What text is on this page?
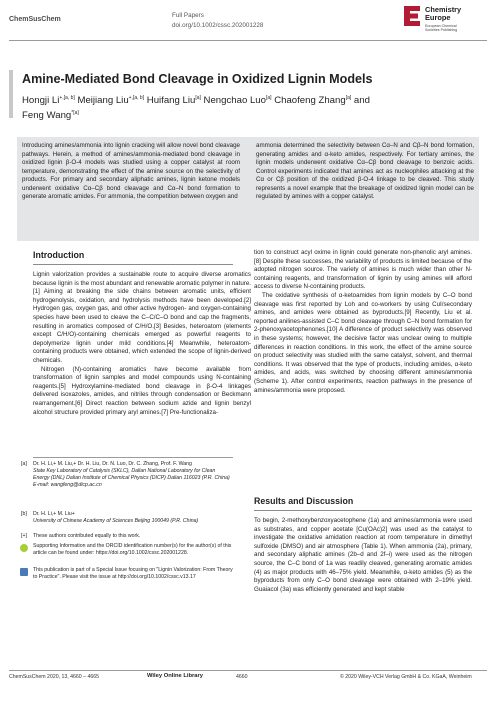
ChemSusChem
Full Papers
doi.org/10.1002/cssc.202001228
Chemistry
Europe
European Chemical
Societies Publishing
Amine-Mediated Bond Cleavage in Oxidized Lignin Models
Hongji $Li^{+,[a, b]}$ Meijiang Liu$^{+,[a, b]}$ Huifang Liu[a] Nengchao Luo[a] Chaofeng Zhang[a] and
Feng Wang$^{*[a]}$
Introducing amines/ammonia into lignin cracking will allow novel bond cleavage pathways. Herein, a method of amines/ammonia-mediated bond cleavage in oxidized lignin β-O-4 models was studied using a copper catalyst at room temperature, demonstrating the effect of the amine source on the selectivity of products. For primary and secondary aliphatic amines, lignin ketone models underwent oxidative Cα–Cβ bond cleavage and Cα–N bond formation to generate aromatic amides. For ammonia, the competition between oxygen and
ammonia determined the selectivity between Cα–N and Cβ–N bond formation, generating amides and α-keto amides, respectively. For tertiary amines, the lignin models underwent oxidative Cα–Cβ bond cleavage to benzoic acids. Control experiments indicated that amines act as nucleophiles attacking at the Cα or Cβ position of the oxidized β-O-4 linkage to be cleaved. This study represents a novel example that the breakage of oxidized lignin model can be regulated by amines with a copper catalyst.
Introduction

Lignin valorization provides a sustainable route to acquire diverse aromatics because lignin is the most abundant and renewable aromatic polymer in nature.[1] Aiming at breaking the side chains between aromatic units, efficient hydrogenolysis, oxidation, and hydrolysis methods have been developed.[2] Hydrogen gas, oxygen gas, and other active hydrogen- and oxygen-containing species have been used to cleave the C–C/C–O bond and cap the fragments, resulting in aromatics composed of C/H/O.[3] Besides, heteroatom (elements except C/H/O)-containing chemicals emerged as powerful reagents to depolymerize lignin under mild conditions.[4] Meanwhile, heteroatom-containing products were obtained, which extended the scope of lignin-derived chemicals.

Nitrogen (N)-containing aromatics have become available from transformation of lignin samples and model compounds using N-containing reagents.[5] Hydroxylamine-mediated bond cleavage in β-O-4 linkages delivered isoxazoles, amides, and nitriles through condensation or Beckmann rearrangement.[6] Direct reaction between sodium azide and lignin benzyl alcohol structure provided primary aryl amines.[7] Pre-functionaliza-

tion to construct acyl oxime in lignin could generate non-phenolic aryl amines.[8] Despite these successes, the variability of products is limited because of the adopted nitrogen source. The variety of amines is much wider than other N-containing reagents, and transformation of lignin by using amines will afford access to diverse N-containing products.

The oxidative synthesis of α-ketoamides from lignin models by C–O bond cleavage was first reported by Loh and co-workers by using CuI/secondary amines, and amides were obtained as byproducts.[9] Recently, Liu et al. reported anilines-assisted C–C bond cleavage through C–N bond formation for 2-phenoxyacetophenones.[10] A difference of product selectivity was observed in these systems; however, the decisive factor was unclear owing to multiple differences in reaction conditions. In this work, the effect of the amine source on product selectivity was studied with the same catalyst, solvent, and thermal conditions. It was observed that the type of products, including amides, α-keto amides, and acids, was switched by choosing different amines/ammonia (Scheme 1). After control experiments, reaction pathways in the presence of amines/ammonia were proposed.

Results and Discussion

To begin, 2-methoxybenzoxyacetophene (1a) and amines/ammonia were used as substrates, and copper acetate [Cu(OAc)2] was used as the catalyst to investigate the oxidative amidation reaction at room temperature in dimethyl sulfoxide (DMSO) and air atmosphere (Table 1). When ammonia (2a), primary, and secondary aliphatic amines (2b–d and 2f–i) were used as the nitrogen source, the C–C bond of 1a was readily cleaved, generating aromatic amides (4) as major products with 46–75% yield. Meanwhile, α-keto amides (5) as the byproducts from only C–O bond cleavage were obtained with 2–19% yield. Guaiacol (3a) was efficiently generated and kept stable

[a] Dr. H. Li,+ M. Liu,+ Dr. H. Liu, Dr. N. Luo, Dr. C. Zhang, Prof. F. Wang
State Key Laboratory of Catalysis (SKLC), Dalian National Laboratory for Clean Energy (DNL) Dalian Institute of Chemical Physics (DICP) Dalian 116023 (P.R. China)
E-mail: wangfeng@dicp.ac.cn
[b] Dr. H. Li,+ M. Liu+
University of Chinese Academy of Sciences Beijing 100049 (P.R. China)
[+] These authors contributed equally to this work.
Supporting Information and the ORCID identification number(s) for the author(s) of this article can be found under: https://doi.org/10.1002/cssc.202001228.
This publication is part of a Special Issue focusing on "Lignin Valorization: From Theory to Practice". Please visit the issue at http://doi.org/10.1002/cssc.v13.17
ChemSusChem 2020, 13, 4660 – 4665	Wiley Online Library	4660	© 2020 Wiley-VCH Verlag GmbH & Co. KGaA, Weinheim
